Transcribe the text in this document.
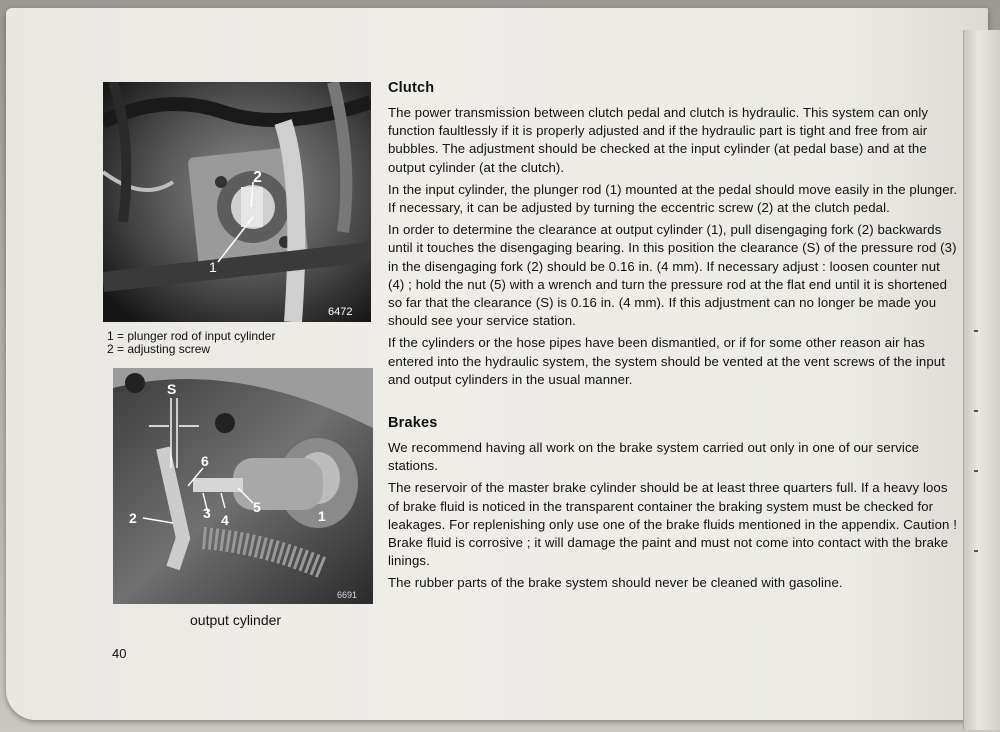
1
2
6472
1 = plunger rod of input cylinder
2 = adjusting screw
S
6
1
2	3 4
5
6691
output cylinder
Clutch

The power transmission between clutch pedal and clutch is hydraulic. This system can only function faultlessly if it is properly adjusted and if the hydraulic part is tight and free from air bubbles. The adjustment should be checked at the input cylinder (at pedal base) and at the output cylinder (at the clutch).

In the input cylinder, the plunger rod (1) mounted at the pedal should move easily in the plunger. If necessary, it can be adjusted by turning the eccentric screw (2) at the clutch pedal.

In order to determine the clearance at output cylinder (1), pull disengaging fork (2) backwards until it touches the disengaging bearing. In this position the clearance (S) of the pressure rod (3) in the disengaging fork (2) should be 0.16 in. (4 mm). If necessary adjust : loosen counter nut (4) ; hold the nut (5) with a wrench and turn the pressure rod at the flat end until it is shortened so far that the clearance (S) is 0.16 in. (4 mm). If this adjustment can no longer be made you should see your service station.

If the cylinders or the hose pipes have been dismantled, or if for some other reason air has entered into the hydraulic system, the system should be vented at the vent screws of the input and output cylinders in the usual manner.

Brakes

We recommend having all work on the brake system carried out only in one of our service stations.

The reservoir of the master brake cylinder should be at least three quarters full. If a heavy loos of brake fluid is noticed in the transparent container the braking system must be checked for leakages. For replenishing only use one of the brake fluids mentioned in the appendix. Caution ! Brake fluid is corrosive ; it will damage the paint and must not come into contact with the brake linings.

The rubber parts of the brake system should never be cleaned with gasoline.

40
